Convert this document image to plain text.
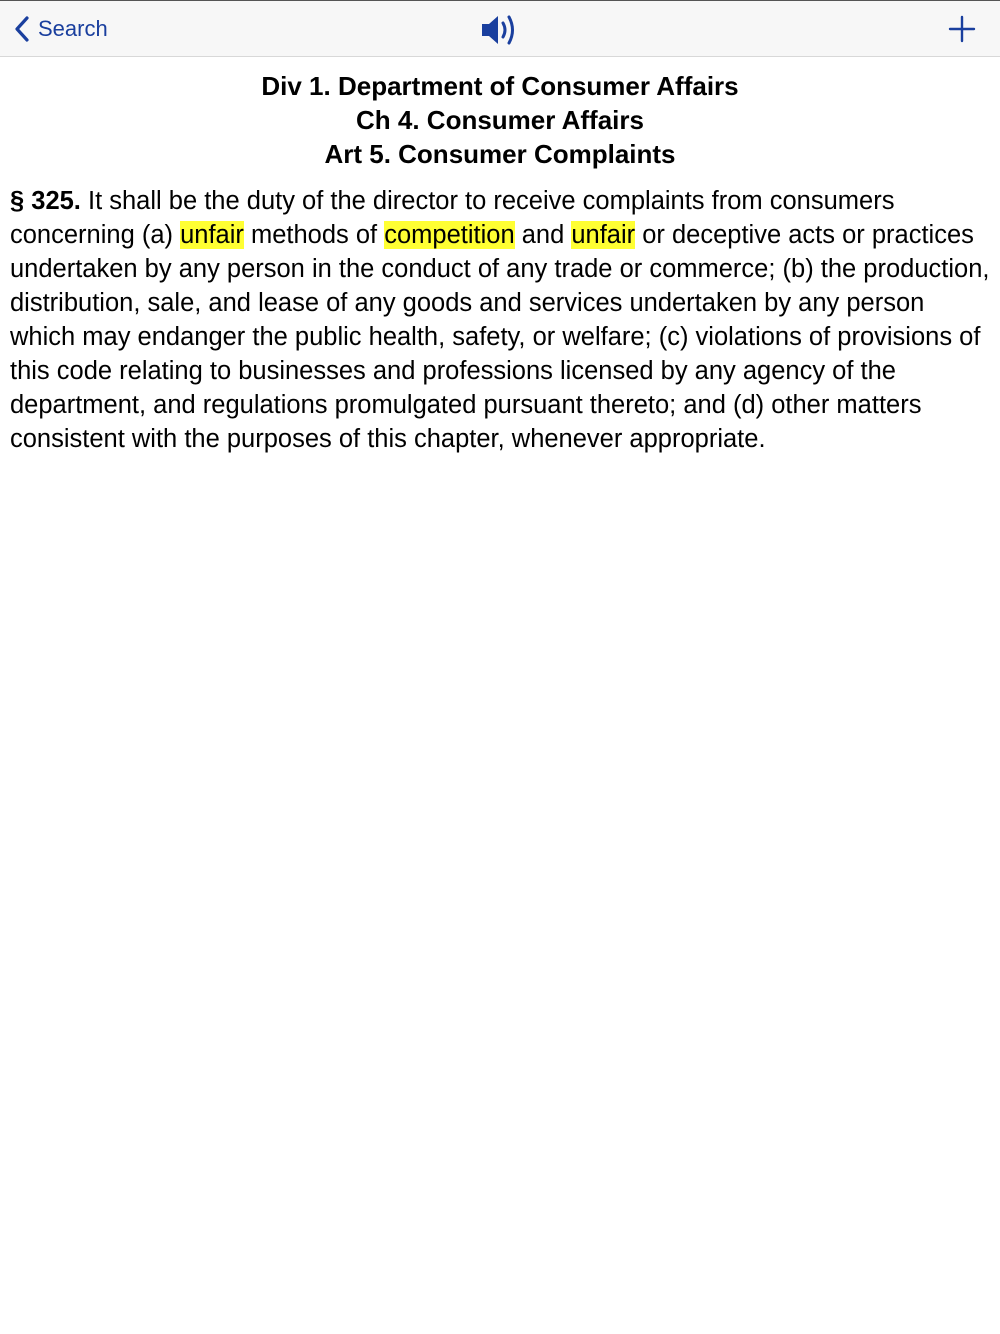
Search
Div 1. Department of Consumer Affairs
Ch 4. Consumer Affairs
Art 5. Consumer Complaints
§ 325. It shall be the duty of the director to receive complaints from consumers concerning (a) unfair methods of competition and unfair or deceptive acts or practices undertaken by any person in the conduct of any trade or commerce; (b) the production, distribution, sale, and lease of any goods and services undertaken by any person which may endanger the public health, safety, or welfare; (c) violations of provisions of this code relating to businesses and professions licensed by any agency of the department, and regulations promulgated pursuant thereto; and (d) other matters consistent with the purposes of this chapter, whenever appropriate.
